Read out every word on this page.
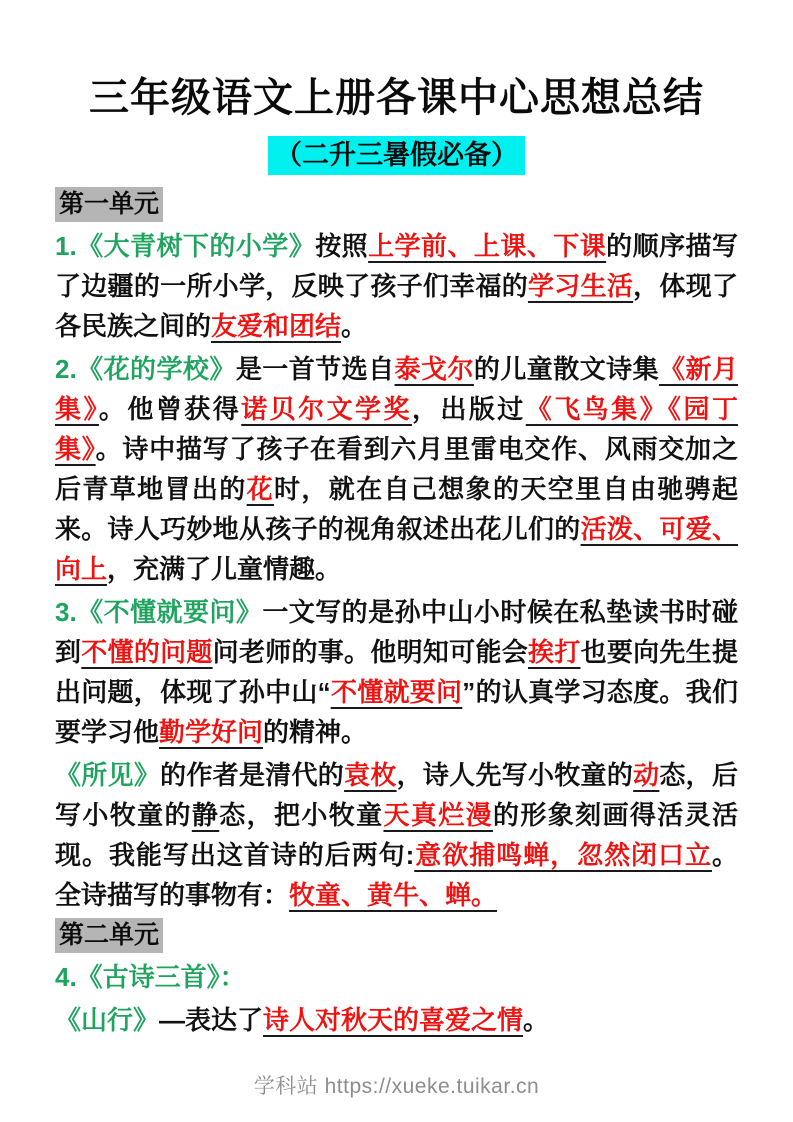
三年级语文上册各课中心思想总结
（二升三暑假必备）
第一单元

1.《大青树下的小学》按照上学前、上课、下课的顺序描写了边疆的一所小学，反映了孩子们幸福的学习生活，体现了各民族之间的友爱和团结。

2.《花的学校》是一首节选自泰戈尔的儿童散文诗集《新月集》。他曾获得诺贝尔文学奖，出版过《飞鸟集》《园丁集》。诗中描写了孩子在看到六月里雷电交作、风雨交加之后青草地冒出的花时，就在自己想象的天空里自由驰骋起来。诗人巧妙地从孩子的视角叙述出花儿们的活泼、可爱、向上，充满了儿童情趣。

3.《不懂就要问》一文写的是孙中山小时候在私垫读书时碰到不懂的问题问老师的事。他明知可能会挨打也要向先生提出问题，体现了孙中山“不懂就要问”的认真学习态度。我们要学习他勤学好问的精神。

《所见》的作者是清代的袁枚，诗人先写小牧童的动态，后写小牧童的静态，把小牧童天真烂漫的形象刻画得活灵活现。我能写出这首诗的后两句:意欲捕鸣蝉，忽然闭口立。全诗描写的事物有：牧童、黄牛、蝉。

第二单元

4.《古诗三首》：

《山行》—表达了诗人对秋天的喜爱之情。

学科站 https://xueke.tuikar.cn
